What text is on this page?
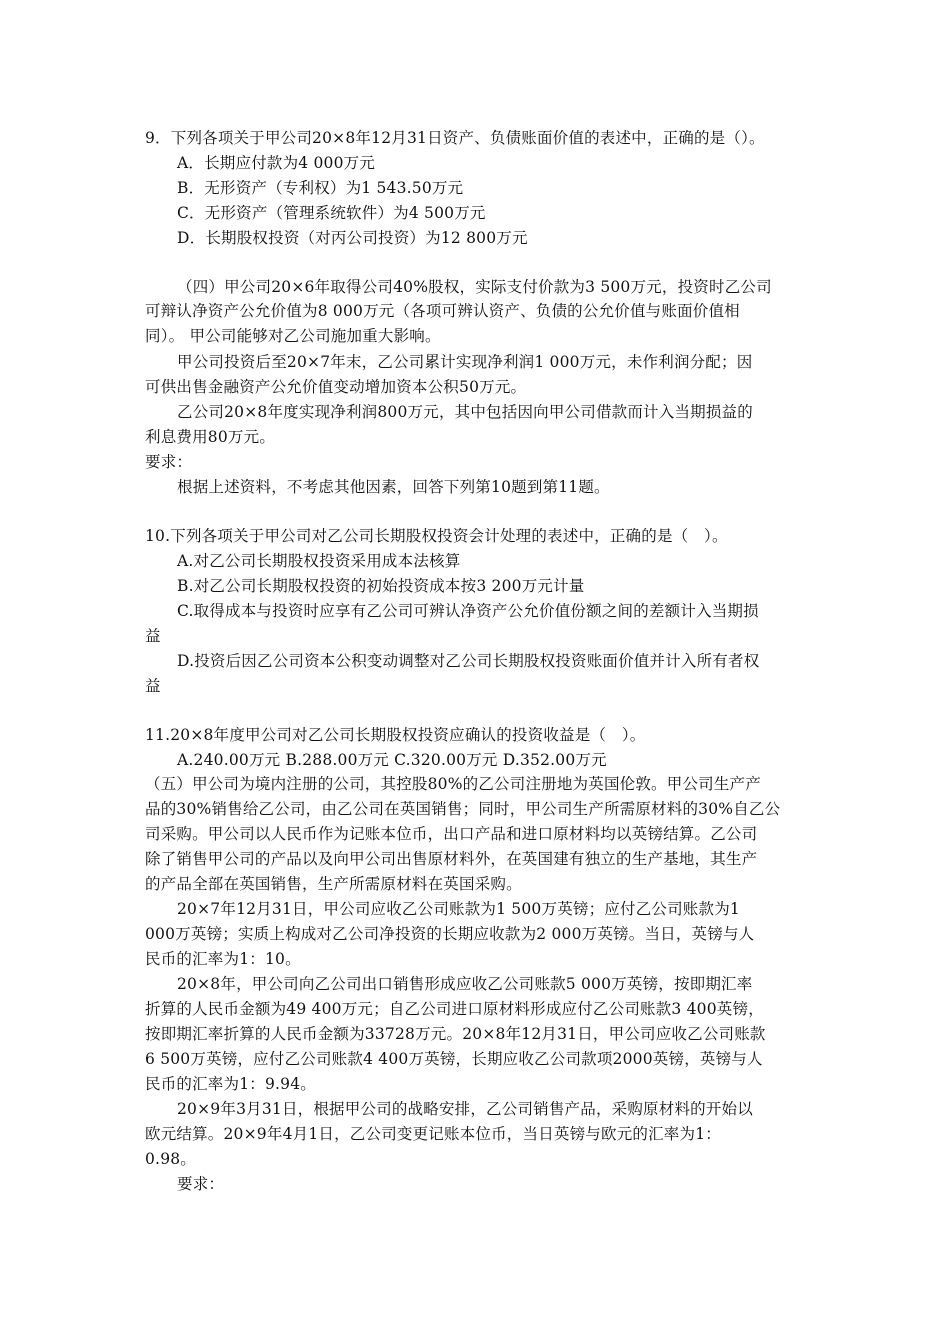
9．下列各项关于甲公司20×8年12月31日资产、负债账面价值的表述中，正确的是（）。
A．长期应付款为4 000万元
B．无形资产（专利权）为1 543.50万元
C．无形资产（管理系统软件）为4 500万元
D．长期股权投资（对丙公司投资）为12 800万元
（四）甲公司20×6年取得公司40%股权，实际支付价款为3 500万元，投资时乙公司
可辩认净资产公允价值为8 000万元（各项可辨认资产、负债的公允价值与账面价值相
同）。 甲公司能够对乙公司施加重大影响。
甲公司投资后至20×7年末，乙公司累计实现净利润1 000万元，未作利润分配；因
可供出售金融资产公允价值变动增加资本公积50万元。
乙公司20×8年度实现净利润800万元，其中包括因向甲公司借款而计入当期损益的
利息费用80万元。
要求：
根据上述资料，不考虑其他因素，回答下列第10题到第11题。
10.下列各项关于甲公司对乙公司长期股权投资会计处理的表述中，正确的是（　）。
A.对乙公司长期股权投资采用成本法核算
B.对乙公司长期股权投资的初始投资成本按3 200万元计量
C.取得成本与投资时应享有乙公司可辨认净资产公允价值份额之间的差额计入当期损
益
D.投资后因乙公司资本公积变动调整对乙公司长期股权投资账面价值并计入所有者权
益
11.20×8年度甲公司对乙公司长期股权投资应确认的投资收益是（　）。
A.240.00万元 B.288.00万元 C.320.00万元 D.352.00万元
（五）甲公司为境内注册的公司，其控股80%的乙公司注册地为英国伦敦。甲公司生产产
品的30%销售给乙公司，由乙公司在英国销售；同时，甲公司生产所需原材料的30%自乙公
司采购。甲公司以人民币作为记账本位币，出口产品和进口原材料均以英镑结算。乙公司
除了销售甲公司的产品以及向甲公司出售原材料外，在英国建有独立的生产基地，其生产
的产品全部在英国销售，生产所需原材料在英国采购。
20×7年12月31日，甲公司应收乙公司账款为1 500万英镑；应付乙公司账款为1
000万英镑；实质上构成对乙公司净投资的长期应收款为2 000万英镑。当日，英镑与人
民币的汇率为1：10。
20×8年，甲公司向乙公司出口销售形成应收乙公司账款5 000万英镑，按即期汇率
折算的人民币金额为49 400万元；自乙公司进口原材料形成应付乙公司账款3 400英镑，
按即期汇率折算的人民币金额为33728万元。20×8年12月31日，甲公司应收乙公司账款
6 500万英镑，应付乙公司账款4 400万英镑，长期应收乙公司款项2000英镑，英镑与人
民币的汇率为1：9.94。
20×9年3月31日，根据甲公司的战略安排，乙公司销售产品，采购原材料的开始以
欧元结算。20×9年4月1日，乙公司变更记账本位币，当日英镑与欧元的汇率为1：
0.98。
要求：
